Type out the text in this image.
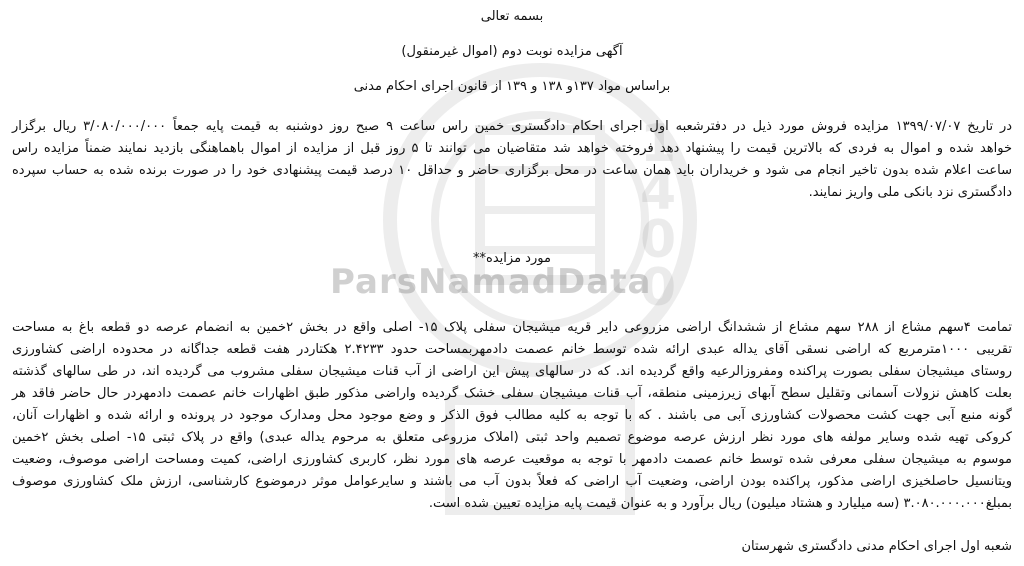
ParsNamadData
1400
بسمه تعالی
آگهی مزایده نوبت دوم (اموال غیرمنقول)
براساس مواد ۱۳۷و ۱۳۸ و ۱۳۹ از قانون اجرای احکام مدنی
در تاریخ ۱۳۹۹/۰۷/۰۷ مزایده فروش مورد ذیل در دفترشعبه اول اجرای احکام دادگستری خمین راس ساعت ۹ صبح روز دوشنبه به قیمت پایه جمعاً ۳/۰۸۰/۰۰۰/۰۰۰ ریال برگزار
خواهد شده و اموال به فردی که بالاترین قیمت را پیشنهاد دهد فروخته خواهد شد متقاضیان می توانند تا ۵ روز قبل از مزایده از اموال باهماهنگی بازدید نمایند ضمناً مزایده راس
ساعت اعلام شده بدون تاخیر انجام می شود و خریداران باید همان ساعت در محل برگزاری حاضر و حداقل ۱۰ درصد قیمت پیشنهادی خود را در صورت برنده شده به حساب سپرده
دادگستری نزد بانکی ملی واریز نمایند.
مورد مزایده**
تمامت ۴سهم مشاع از ۲۸۸ سهم مشاع از ششدانگ اراضی مزروعی دایر قریه میشیجان سفلی پلاک ۱۵- اصلی واقع در بخش ۲خمین به انضمام عرصه دو قطعه باغ به مساحت
تقریبی ۱۰۰۰مترمربع که اراضی نسقی آقای یداله عبدی ارائه شده توسط خانم عصمت دادمهربمساحت حدود ۲.۴۲۳۳ هکتاردر هفت قطعه جداگانه در محدوده اراضی کشاورزی
روستای میشیجان سفلی بصورت پراکنده ومفروزالرعیه واقع گردیده اند. که در سالهای پیش این اراضی از آب قنات میشیجان سفلی مشروب می گردیده اند، در طی سالهای گذشته
بعلت کاهش نزولات آسمانی وتقلیل سطح آبهای زیرزمینی منطقه، آب قنات میشیجان سفلی خشک گردیده واراضی مذکور طبق اظهارات خانم عصمت دادمهردر حال حاضر فاقد هر
گونه منبع آبی جهت کشت محصولات کشاورزی آبی می باشند . که با توجه به کلیه مطالب فوق الذکر و وضع موجود محل ومدارک موجود در پرونده و ارائه شده و اظهارات آنان،
کروکی تهیه شده وسایر مولفه های مورد نظر ارزش عرصه موضوع تصمیم واحد ثبتی (املاک مزروعی متعلق به مرحوم یداله عبدی) واقع در پلاک ثبتی ۱۵- اصلی بخش ۲خمین
موسوم به میشیجان سفلی معرفی شده توسط خانم عصمت دادمهر با توجه به موقعیت عرصه های مورد نظر، کاربری کشاورزی اراضی، کمیت ومساحت اراضی موصوف، وضعیت
ویتانسیل حاصلخیزی اراضی مذکور، پراکنده بودن اراضی، وضعیت آب اراضی که فعلاً بدون آب می باشند و سایرعوامل موثر درموضوع کارشناسی، ارزش ملک کشاورزی موصوف
بمبلغ۳.۰۸۰.۰۰۰.۰۰۰ (سه میلیارد و هشتاد میلیون) ریال برآورد و به عنوان قیمت پایه مزایده تعیین شده است.
شعبه اول اجرای احکام مدنی دادگستری شهرستان
